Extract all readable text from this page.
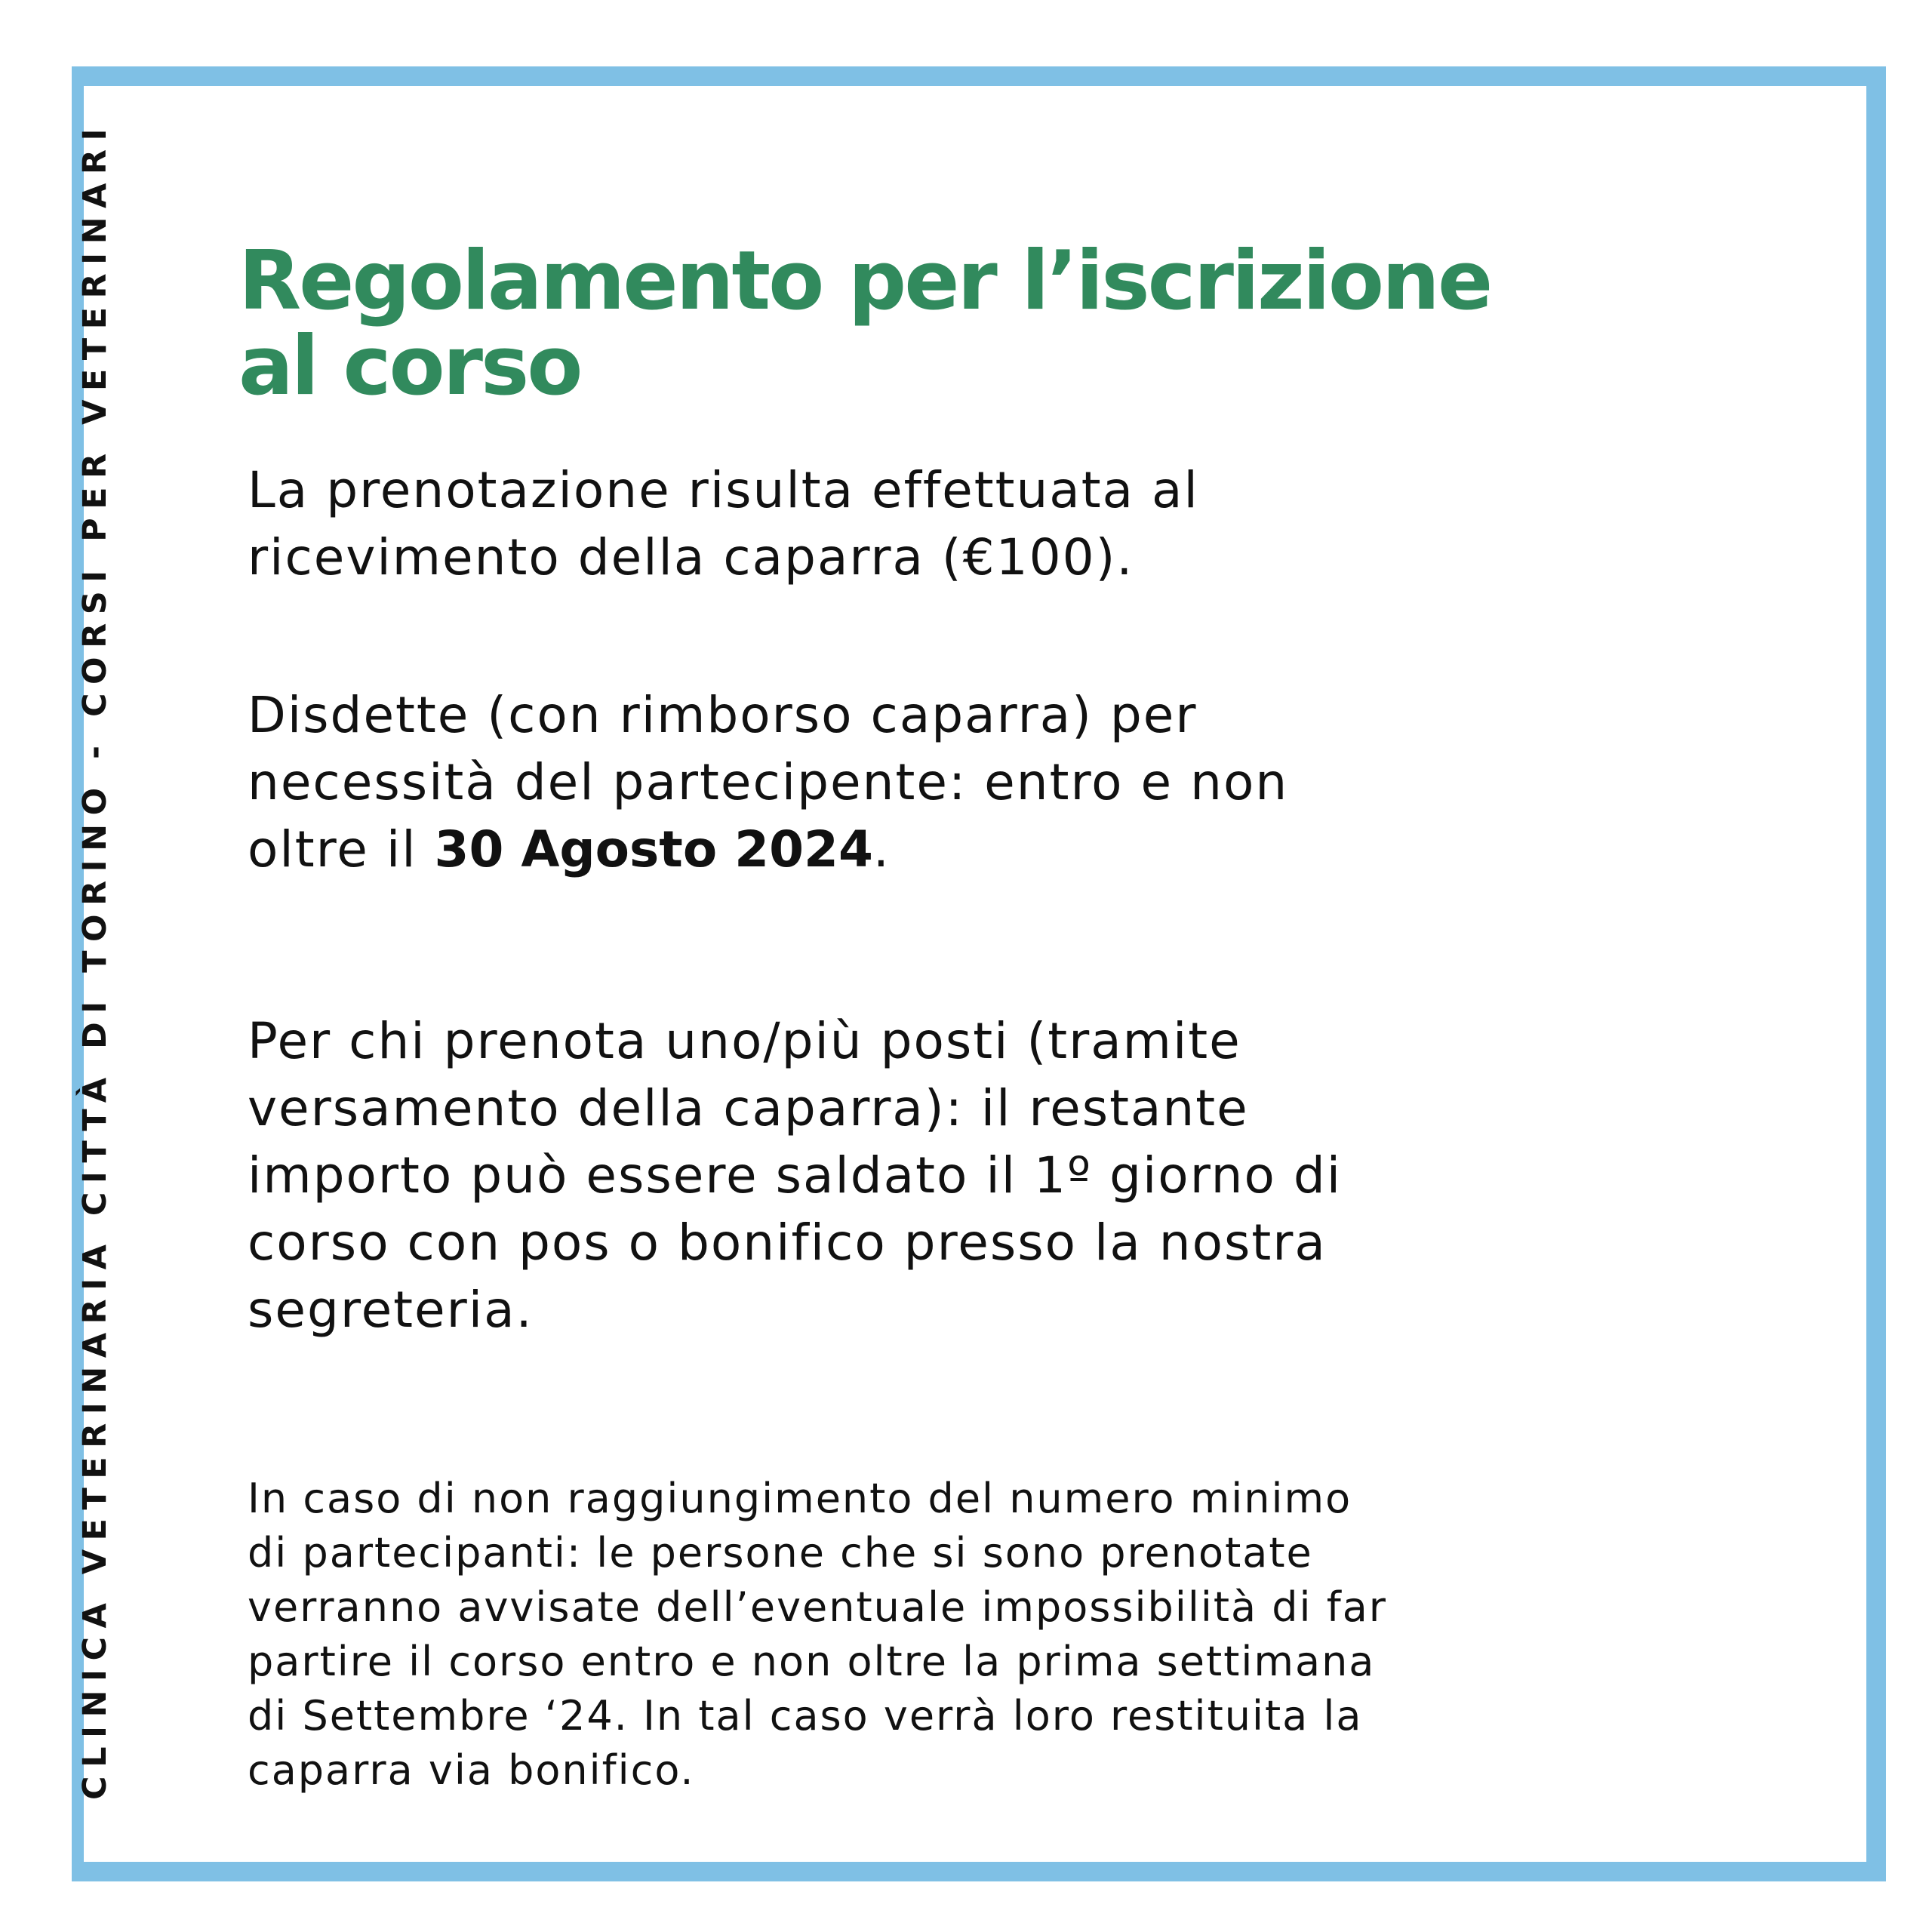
CLINICA VETERINARIA CITTÀ DI TORINO - CORSI PER VETERINARI Regolamento per l’iscrizione
al corso
La prenotazione risulta effettuata al
ricevimento della caparra (€100).
Disdette (con rimborso caparra) per
necessità del partecipente: entro e non
oltre il 30 Agosto 2024.
Per chi prenota uno/più posti (tramite
versamento della caparra): il restante
importo può essere saldato il 1º giorno di
corso con pos o bonifico presso la nostra
segreteria.
In caso di non raggiungimento del numero minimo
di partecipanti: le persone che si sono prenotate
verranno avvisate dell’eventuale impossibilità di far
partire il corso entro e non oltre la prima settimana
di Settembre ‘24. In tal caso verrà loro restituita la
caparra via bonifico.
